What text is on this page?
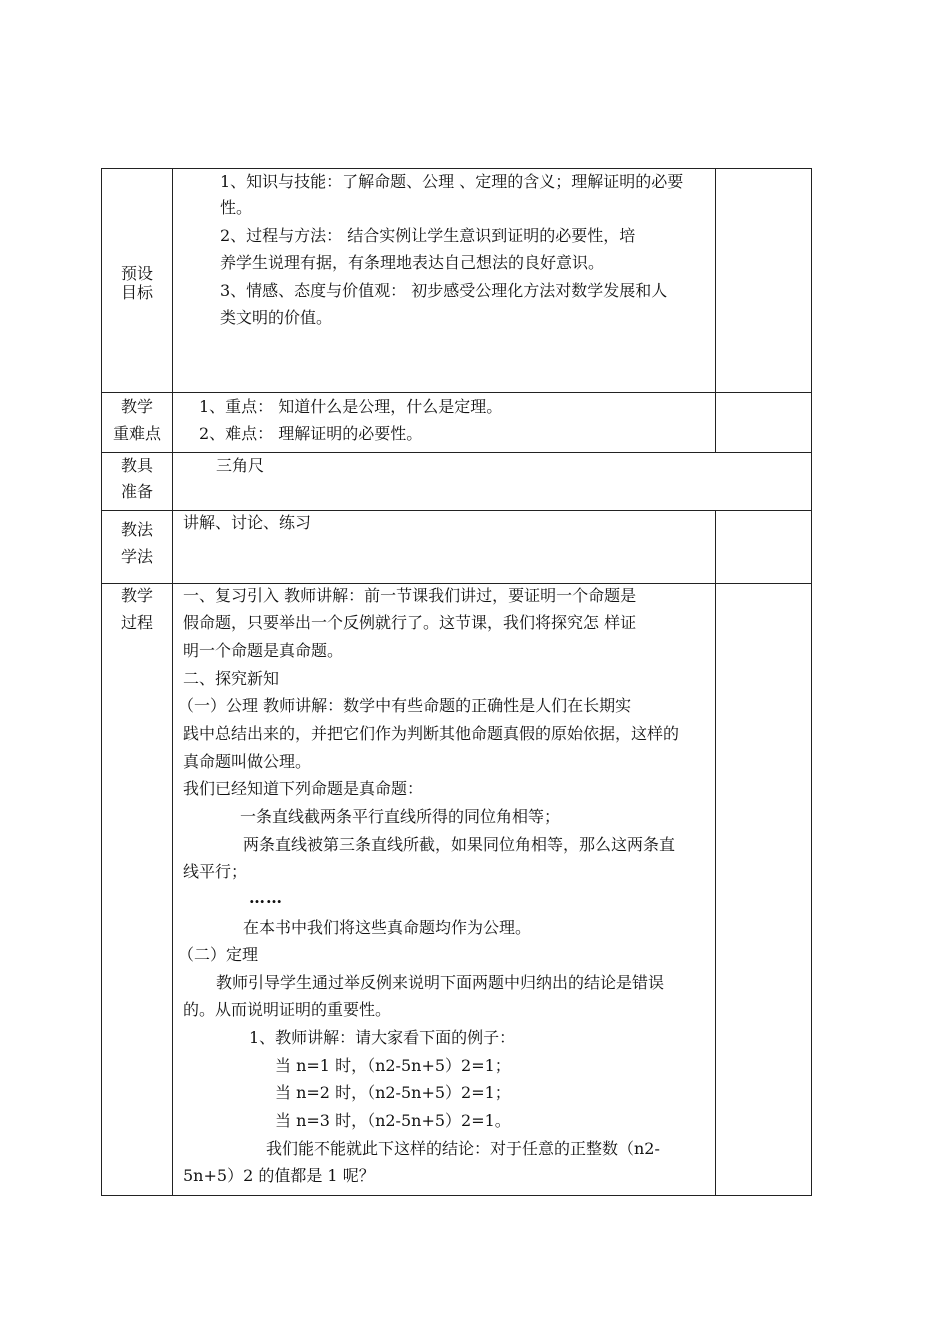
预设
目标
1、知识与技能：了解命题、公理 、定理的含义；理解证明的必要
性。
2、过程与方法： 结合实例让学生意识到证明的必要性，培
养学生说理有据，有条理地表达自己想法的良好意识。
3、情感、态度与价值观： 初步感受公理化方法对数学发展和人
类文明的价值。
教学
重难点
1、重点： 知道什么是公理，什么是定理。
2、难点： 理解证明的必要性。
教具
准备
三角尺
教法
学法
讲解、讨论、练习
教学
过程
一、复习引入 教师讲解：前一节课我们讲过，要证明一个命题是
假命题，只要举出一个反例就行了。这节课，我们将探究怎 样证
明一个命题是真命题。
二、探究新知
（一）公理 教师讲解：数学中有些命题的正确性是人们在长期实
践中总结出来的，并把它们作为判断其他命题真假的原始依据，这样的
真命题叫做公理。
我们已经知道下列命题是真命题：
一条直线截两条平行直线所得的同位角相等；
两条直线被第三条直线所截，如果同位角相等，那么这两条直
线平行；
……
在本书中我们将这些真命题均作为公理。
（二）定理
教师引导学生通过举反例来说明下面两题中归纳出的结论是错误
的。从而说明证明的重要性。
1、教师讲解：请大家看下面的例子：
当 n=1 时，（n2-5n+5）2=1；
当 n=2 时，（n2-5n+5）2=1；
当 n=3 时，（n2-5n+5）2=1。
我们能不能就此下这样的结论：对于任意的正整数（n2-
5n+5）2 的值都是 1 呢？
